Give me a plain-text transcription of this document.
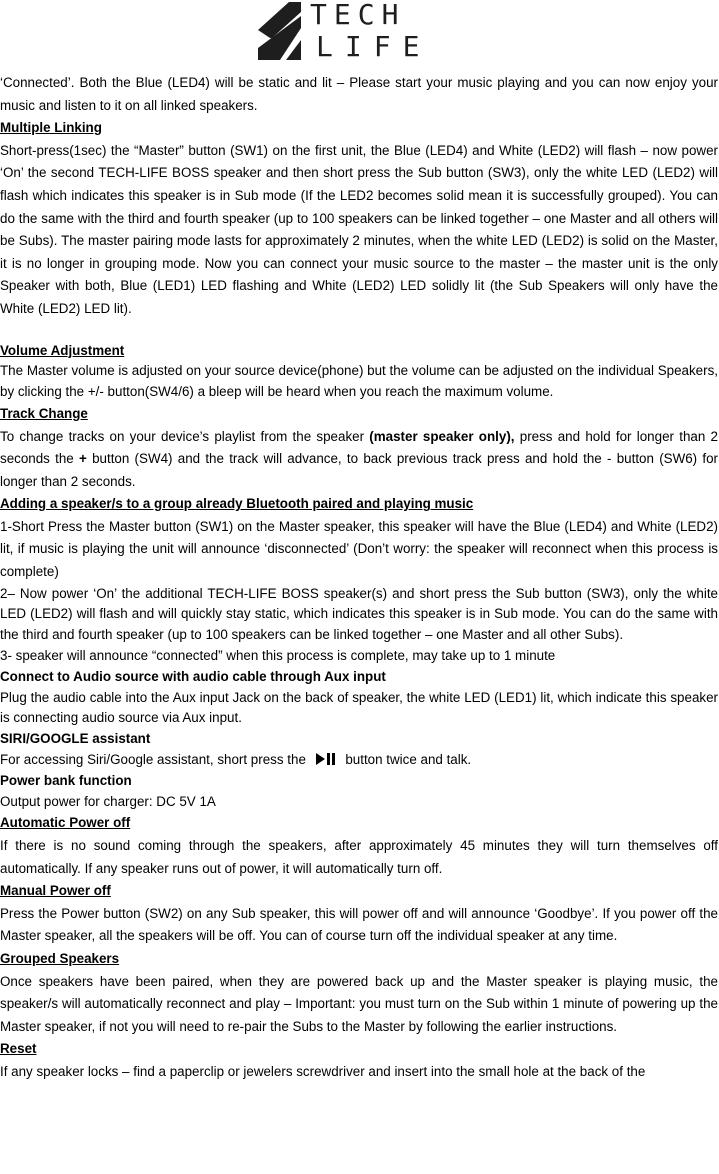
TECH
LIFE

‘Connected’. Both the Blue (LED4) will be static and lit – Please start your music playing and you can now enjoy your music and listen to it on all linked speakers.

Multiple Linking

Short-press(1sec) the “Master” button (SW1) on the first unit, the Blue (LED4) and White (LED2) will flash – now power ‘On’ the second TECH-LIFE BOSS speaker and then short press the Sub button (SW3), only the white LED (LED2) will flash which indicates this speaker is in Sub mode (If the LED2 becomes solid mean it is successfully grouped). You can do the same with the third and fourth speaker (up to 100 speakers can be linked together – one Master and all others will be Subs). The master pairing mode lasts for approximately 2 minutes, when the white LED (LED2) is solid on the Master, it is no longer in grouping mode. Now you can connect your music source to the master – the master unit is the only Speaker with both, Blue (LED1) LED flashing and White (LED2) LED solidly lit (the Sub Speakers will only have the White (LED2) LED lit).

Volume Adjustment

The Master volume is adjusted on your source device(phone) but the volume can be adjusted on the individual Speakers, by clicking the +/- button(SW4/6) a bleep will be heard when you reach the maximum volume.

Track Change

To change tracks on your device’s playlist from the speaker (master speaker only), press and hold for longer than 2 seconds the + button (SW4) and the track will advance, to back previous track press and hold the - button (SW6) for longer than 2 seconds.

Adding a speaker/s to a group already Bluetooth paired and playing music

1-Short Press the Master button (SW1) on the Master speaker, this speaker will have the Blue (LED4) and White (LED2) lit, if music is playing the unit will announce ‘disconnected’ (Don’t worry: the speaker will reconnect when this process is complete)

2– Now power ‘On’ the additional TECH-LIFE BOSS speaker(s) and short press the Sub button (SW3), only the white LED (LED2) will flash and will quickly stay static, which indicates this speaker is in Sub mode. You can do the same with the third and fourth speaker (up to 100 speakers can be linked together – one Master and all other Subs).

3- speaker will announce “connected” when this process is complete, may take up to 1 minute

Connect to Audio source with audio cable through Aux input

Plug the audio cable into the Aux input Jack on the back of speaker, the white LED (LED1) lit, which indicate this speaker is connecting audio source via Aux input.

SIRI/GOOGLE assistant

For accessing Siri/Google assistant, short press the  button twice and talk.

Power bank function

Output power for charger: DC 5V 1A

Automatic Power off

If there is no sound coming through the speakers, after approximately 45 minutes they will turn themselves off automatically. If any speaker runs out of power, it will automatically turn off.

Manual Power off

Press the Power button (SW2) on any Sub speaker, this will power off and will announce ‘Goodbye’. If you power off the Master speaker, all the speakers will be off. You can of course turn off the individual speaker at any time.

Grouped Speakers

Once speakers have been paired, when they are powered back up and the Master speaker is playing music, the speaker/s will automatically reconnect and play – Important: you must turn on the Sub within 1 minute of powering up the Master speaker, if not you will need to re-pair the Subs to the Master by following the earlier instructions.

Reset

If any speaker locks – find a paperclip or jewelers screwdriver and insert into the small hole at the back of the
